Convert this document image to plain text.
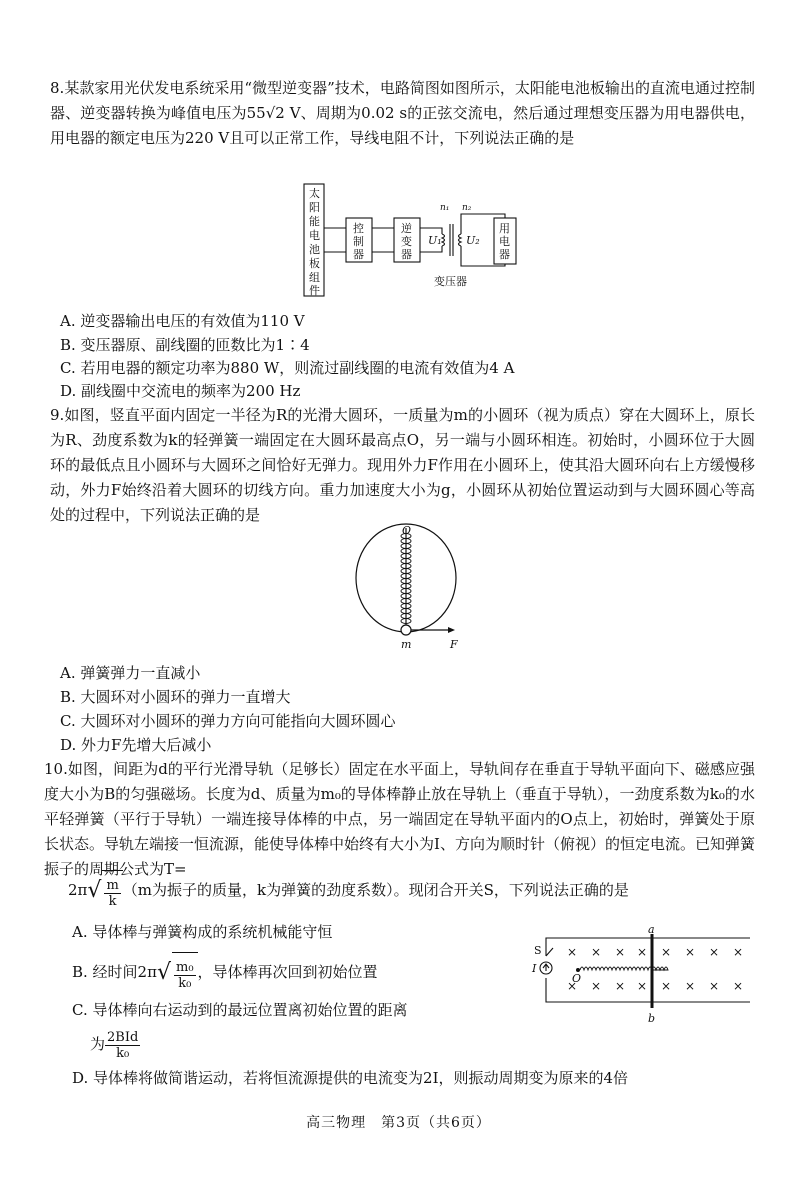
8.某款家用光伏发电系统采用“微型逆变器”技术，电路简图如图所示，太阳能电池板输出的直流电通过控制器、逆变器转换为峰值电压为55√2 V、周期为0.02 s的正弦交流电，然后通过理想变压器为用电器供电，用电器的额定电压为220 V且可以正常工作，导线电阻不计，下列说法正确的是
太
阳
能
电
池
板
组
件
控
制
器
逆
变
器
用
电
器
U₁ U₂
n₁ n₂
变压器
A. 逆变器输出电压的有效值为110 V
B. 变压器原、副线圈的匝数比为1∶4
C. 若用电器的额定功率为880 W，则流过副线圈的电流有效值为4 A
D. 副线圈中交流电的频率为200 Hz
9.如图，竖直平面内固定一半径为R的光滑大圆环，一质量为m的小圆环（视为质点）穿在大圆环上，原长为R、劲度系数为k的轻弹簧一端固定在大圆环最高点O，另一端与小圆环相连。初始时，小圆环位于大圆环的最低点且小圆环与大圆环之间恰好无弹力。现用外力F作用在小圆环上，使其沿大圆环向右上方缓慢移动，外力F始终沿着大圆环的切线方向。重力加速度大小为g，小圆环从初始位置运动到与大圆环圆心等高处的过程中，下列说法正确的是
O
m	F
A. 弹簧弹力一直减小
B. 大圆环对小圆环的弹力一直增大
C. 大圆环对小圆环的弹力方向可能指向大圆环圆心
D. 外力F先增大后减小
10.如图，间距为d的平行光滑导轨（足够长）固定在水平面上，导轨间存在垂直于导轨平面向下、磁感应强度大小为B的匀强磁场。长度为d、质量为m₀的导体棒静止放在导轨上（垂直于导轨），一劲度系数为k₀的水平轻弹簧（平行于导轨）一端连接导体棒的中点，另一端固定在导轨平面内的O点上，初始时，弹簧处于原长状态。导轨左端接一恒流源，能使导体棒中始终有大小为I、方向为顺时针（俯视）的恒定电流。已知弹簧振子的周期公式为T=
$2\pi√ \frac{m}{k} (m$为振子的质量，k为弹簧的劲度系数）。现闭合开关S，下列说法正确的是
A. 导体棒与弹簧构成的系统机械能守恒
B. 经时间$2\pi√ \frac{\text{m₀}}{\text{k₀}}$ ，导体棒再次回到初始位置
C. 导体棒向右运动到的最远位置离初始位置的距离
为 $\frac{\text{2BId}}{\text{k₀}}$
D. 导体棒将做简谐运动，若将恒流源提供的电流变为2I，则振动周期变为原来的4倍
× × × × × × × ×
× × × × × × × ×
S
I
O
a
b
高三物理　第3页（共6页）
